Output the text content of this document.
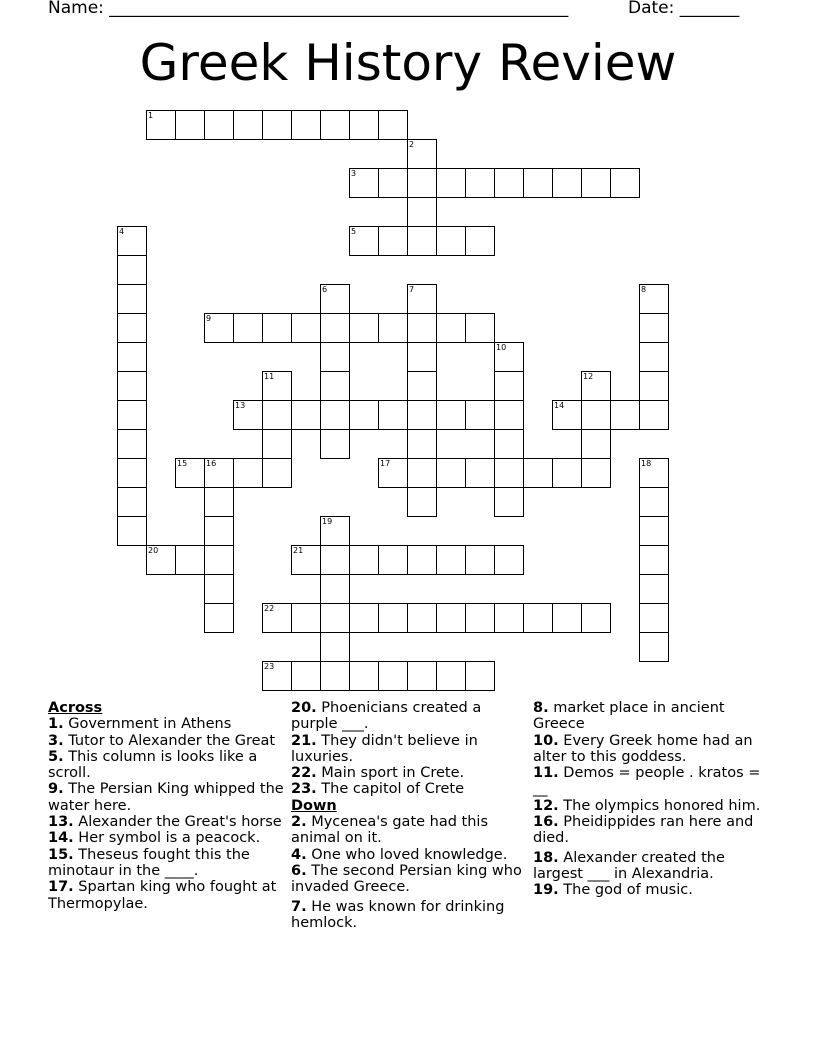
Name: ______________________________________________________	Date: _______
Greek History Review
1
2
3
4	5
6	7	8
9
10
11	12
13	14
15 16	17	18
19
20	21
22
23
Across
1. Government in Athens
3. Tutor to Alexander the Great
5. This column is looks like a scroll.
9. The Persian King whipped the water here.
13. Alexander the Great's horse
14. Her symbol is a peacock.
15. Theseus fought this the minotaur in the ____.
17. Spartan king who fought at Thermopylae.
20. Phoenicians created a purple ___.
21. They didn't believe in luxuries.
22. Main sport in Crete.
23. The capitol of Crete
Down
2. Mycenea's gate had this animal on it.
4. One who loved knowledge.
6. The second Persian king who invaded Greece.
7. He was known for drinking hemlock.
8. market place in ancient Greece
10. Every Greek home had an alter to this goddess.
11. Demos = people . kratos = __
12. The olympics honored him.
16. Pheidippides ran here and died.
18. Alexander created the largest ___ in Alexandria.
19. The god of music.
